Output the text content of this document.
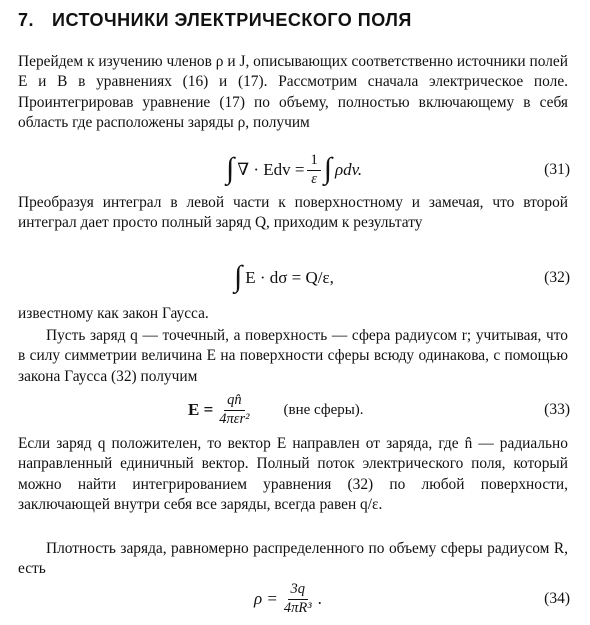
7. ИСТОЧНИКИ ЭЛЕКТРИЧЕСКОГО ПОЛЯ

Перейдем к изучению членов ρ и J, описывающих соответственно источники полей E и B в уравнениях (16) и (17). Рассмотрим сначала электрическое поле. Проинтегрировав уравнение (17) по объему, полностью включающему в себя область где расположены заряды ρ, получим

∫ ∇ · Edv = $\frac{1}{\varepsilon}$ ∫ ρdv.	(31)

Преобразуя интеграл в левой части к поверхностному и замечая, что второй интеграл дает просто полный заряд Q, приходим к результату

∫ E · dσ = Q/ε,	(32)

известному как закон Гаусса.

Пусть заряд q — точечный, а поверхность — сфера радиусом r; учитывая, что в силу симметрии величина E на поверхности сферы всюду одинакова, с помощью закона Гаусса (32) получим

$E = \frac{qn̂}{\text{4πεr²}} (вне$ сферы).	(33)

Если заряд q положителен, то вектор E направлен от заряда, где n̂ — радиально направленный единичный вектор. Полный поток электрического поля, который можно найти интегрированием уравнения (32) по любой поверхности, заключающей внутри себя все заряды, всегда равен q/ε.

Плотность заряда, равномерно распределенного по объему сферы радиусом R, есть

$\rho = \frac{3q}{\text{4πR³}}$ .	(34)
